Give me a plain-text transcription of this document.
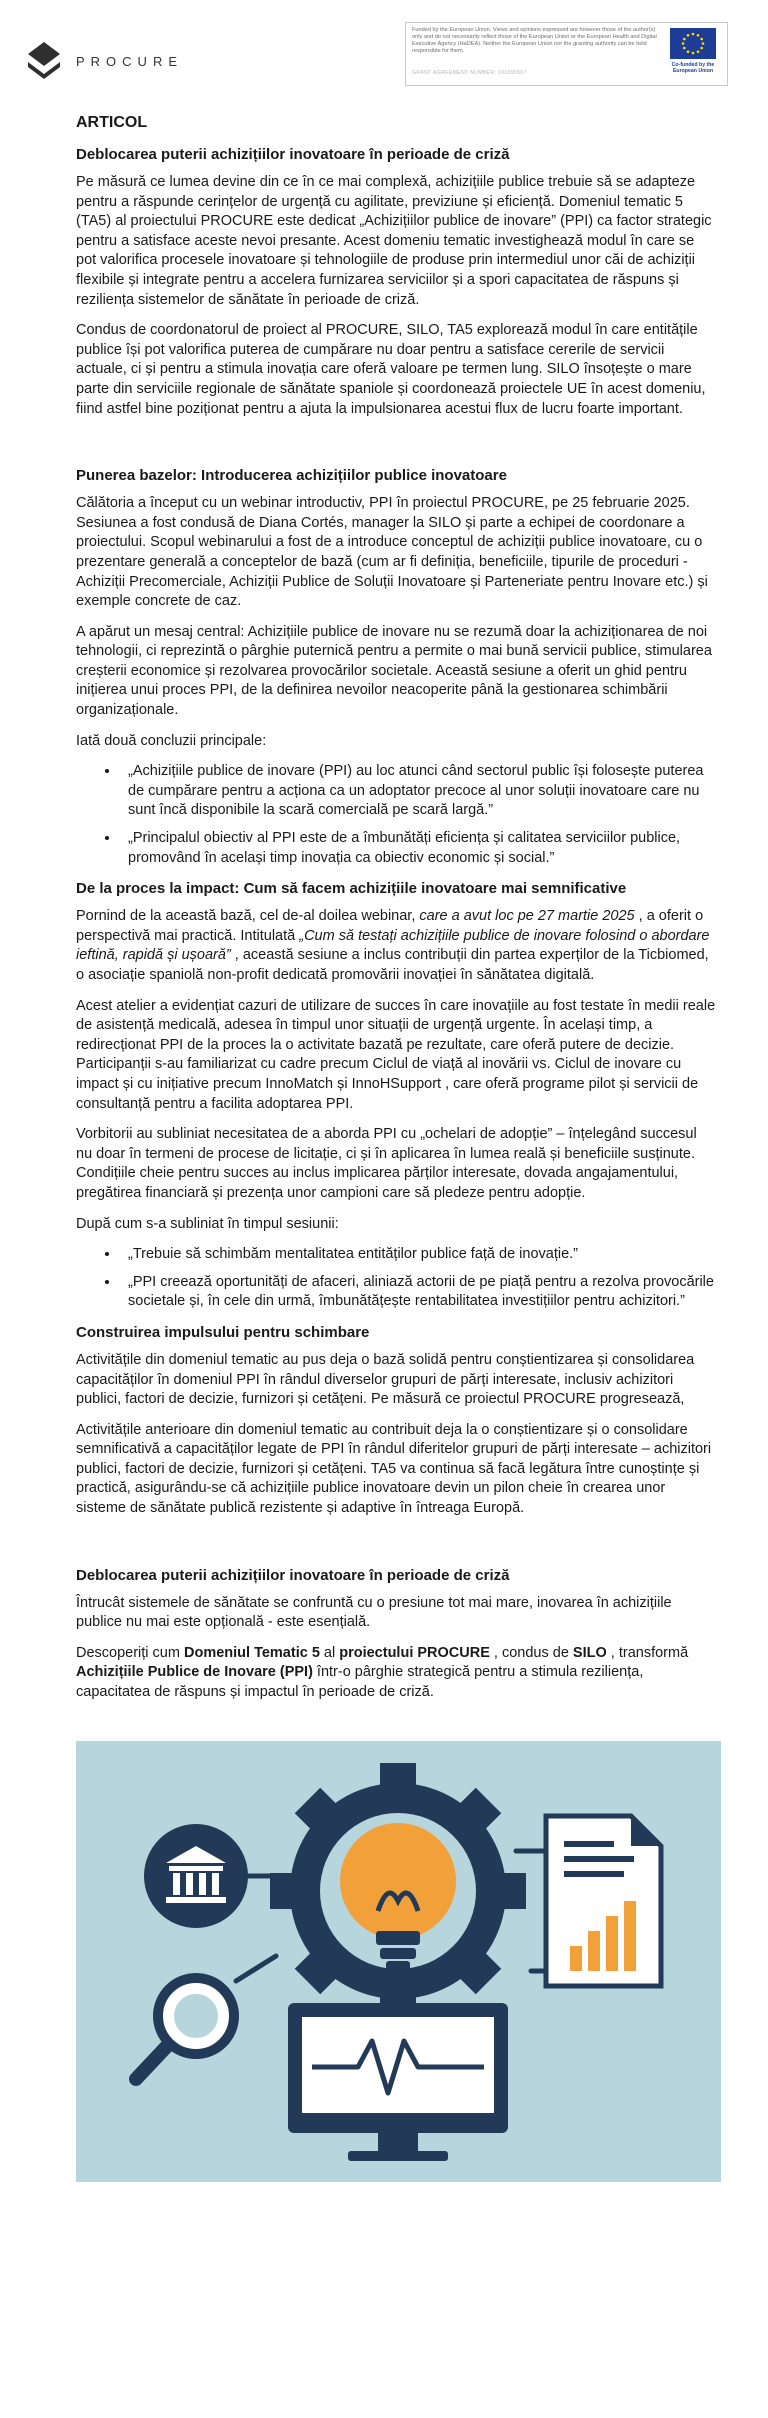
PROCURE
Funded by the European Union. Views and opinions expressed are however those of the author(s) only and do not necessarily reflect those of the European Union or the European Health and Digital Executive Agency (HaDEA). Neither the European Union nor the granting authority can be held responsible for them.
GRANT AGREEMENT NUMBER: 101095507
Co-funded by the European Union
ARTICOL
Deblocarea puterii achizițiilor inovatoare în perioade de criză

Pe măsură ce lumea devine din ce în ce mai complexă, achizițiile publice trebuie să se adapteze pentru a răspunde cerințelor de urgență cu agilitate, previziune și eficiență. Domeniul tematic 5 (TA5) al proiectului PROCURE este dedicat „Achizițiilor publice de inovare” (PPI) ca factor strategic pentru a satisface aceste nevoi presante. Acest domeniu tematic investighează modul în care se pot valorifica procesele inovatoare și tehnologiile de produse prin intermediul unor căi de achiziții flexibile și integrate pentru a accelera furnizarea serviciilor și a spori capacitatea de răspuns și reziliența sistemelor de sănătate în perioade de criză.

Condus de coordonatorul de proiect al PROCURE, SILO, TA5 explorează modul în care entitățile publice își pot valorifica puterea de cumpărare nu doar pentru a satisface cererile de servicii actuale, ci și pentru a stimula inovația care oferă valoare pe termen lung. SILO însoțește o mare parte din serviciile regionale de sănătate spaniole și coordonează proiectele UE în acest domeniu, fiind astfel bine poziționat pentru a ajuta la impulsionarea acestui flux de lucru foarte important.

Punerea bazelor: Introducerea achizițiilor publice inovatoare

Călătoria a început cu un webinar introductiv, PPI în proiectul PROCURE, pe 25 februarie 2025. Sesiunea a fost condusă de Diana Cortés, manager la SILO și parte a echipei de coordonare a proiectului. Scopul webinarului a fost de a introduce conceptul de achiziții publice inovatoare, cu o prezentare generală a conceptelor de bază (cum ar fi definiția, beneficiile, tipurile de proceduri - Achiziții Precomerciale, Achiziții Publice de Soluții Inovatoare și Parteneriate pentru Inovare etc.) și exemple concrete de caz.

A apărut un mesaj central: Achizițiile publice de inovare nu se rezumă doar la achiziționarea de noi tehnologii, ci reprezintă o pârghie puternică pentru a permite o mai bună servicii publice, stimularea creșterii economice și rezolvarea provocărilor societale. Această sesiune a oferit un ghid pentru inițierea unui proces PPI, de la definirea nevoilor neacoperite până la gestionarea schimbării organizaționale.

Iată două concluzii principale:

• „Achizițiile publice de inovare (PPI) au loc atunci când sectorul public își folosește puterea de cumpărare pentru a acționa ca un adoptator precoce al unor soluții inovatoare care nu sunt încă disponibile la scară comercială pe scară largă.”
• „Principalul obiectiv al PPI este de a îmbunătăți eficiența și calitatea serviciilor publice, promovând în același timp inovația ca obiectiv economic și social.”
De la proces la impact: Cum să facem achizițiile inovatoare mai semnificative

Pornind de la această bază, cel de-al doilea webinar, care a avut loc pe 27 martie 2025 , a oferit o perspectivă mai practică. Intitulată „Cum să testați achizițiile publice de inovare folosind o abordare ieftină, rapidă și ușoară” , această sesiune a inclus contribuții din partea experților de la Ticbiomed, o asociație spaniolă non-profit dedicată promovării inovației în sănătatea digitală.

Acest atelier a evidențiat cazuri de utilizare de succes în care inovațiile au fost testate în medii reale de asistență medicală, adesea în timpul unor situații de urgență urgente. În același timp, a redirecționat PPI de la proces la o activitate bazată pe rezultate, care oferă putere de decizie. Participanții s-au familiarizat cu cadre precum Ciclul de viață al inovării vs. Ciclul de inovare cu impact și cu inițiative precum InnoMatch și InnoHSupport , care oferă programe pilot și servicii de consultanță pentru a facilita adoptarea PPI.

Vorbitorii au subliniat necesitatea de a aborda PPI cu „ochelari de adopție” – înțelegând succesul nu doar în termeni de procese de licitație, ci și în aplicarea în lumea reală și beneficiile susținute. Condițiile cheie pentru succes au inclus implicarea părților interesate, dovada angajamentului, pregătirea financiară și prezența unor campioni care să pledeze pentru adopție.

După cum s-a subliniat în timpul sesiunii:

• „Trebuie să schimbăm mentalitatea entităților publice față de inovație.”
• „PPI creează oportunități de afaceri, aliniază actorii de pe piață pentru a rezolva provocările societale și, în cele din urmă, îmbunătățește rentabilitatea investițiilor pentru achizitori.”
Construirea impulsului pentru schimbare

Activitățile din domeniul tematic au pus deja o bază solidă pentru conștientizarea și consolidarea capacităților în domeniul PPI în rândul diverselor grupuri de părți interesate, inclusiv achizitori publici, factori de decizie, furnizori și cetățeni. Pe măsură ce proiectul PROCURE progresează,

Activitățile anterioare din domeniul tematic au contribuit deja la o conștientizare și o consolidare semnificativă a capacităților legate de PPI în rândul diferitelor grupuri de părți interesate – achizitori publici, factori de decizie, furnizori și cetățeni. TA5 va continua să facă legătura între cunoștințe și practică, asigurându-se că achizițiile publice inovatoare devin un pilon cheie în crearea unor sisteme de sănătate publică rezistente și adaptive în întreaga Europă.

Deblocarea puterii achizițiilor inovatoare în perioade de criză

Întrucât sistemele de sănătate se confruntă cu o presiune tot mai mare, inovarea în achizițiile publice nu mai este opțională - este esențială.

Descoperiți cum Domeniul Tematic 5 al proiectului PROCURE , condus de SILO , transformă Achizițiile Publice de Inovare (PPI) într-o pârghie strategică pentru a stimula reziliența, capacitatea de răspuns și impactul în perioade de criză.
